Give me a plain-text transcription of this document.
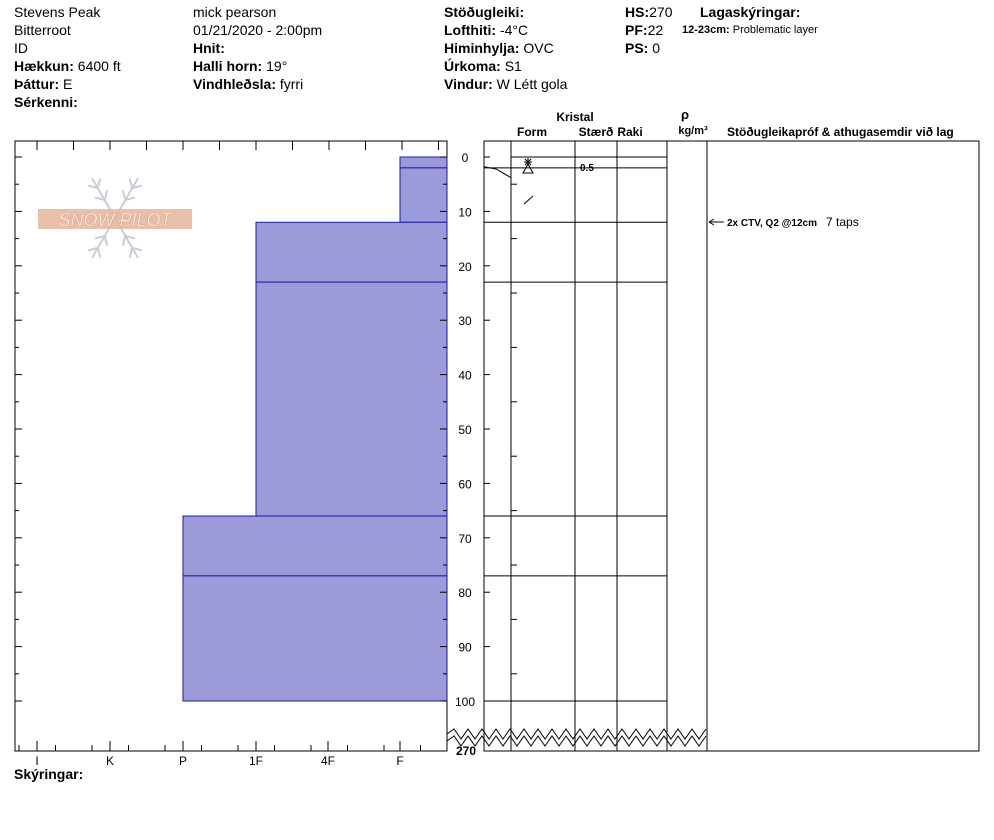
Stevens Peak
Bitterroot
ID
Hækkun: 6400 ft
Þáttur: E
Sérkenni:
mick pearson
01/21/2020 - 2:00pm
Hnit:
Halli horn: 19°
Vindhleðsla: fyrri
Stöðugleiki:
Lofthiti: -4°C
Himinhylja: OVC
Úrkoma: S1
Vindur: W Létt gola
HS:270
PF:22
PS: 0
Lagaskýringar:
12-23cm: Problematic layer
SNOW PILOT
I	K	P	1F	4F	F
0
10
20
30
40
50
60
70
80
90
100
Kristal
Form	Stærð Raki
ρ
kg/m³ Stöðugleikapróf & athugasemdir við lag
0.5
2x CTV, Q2 @12cm 7 taps
270
Skýringar:
